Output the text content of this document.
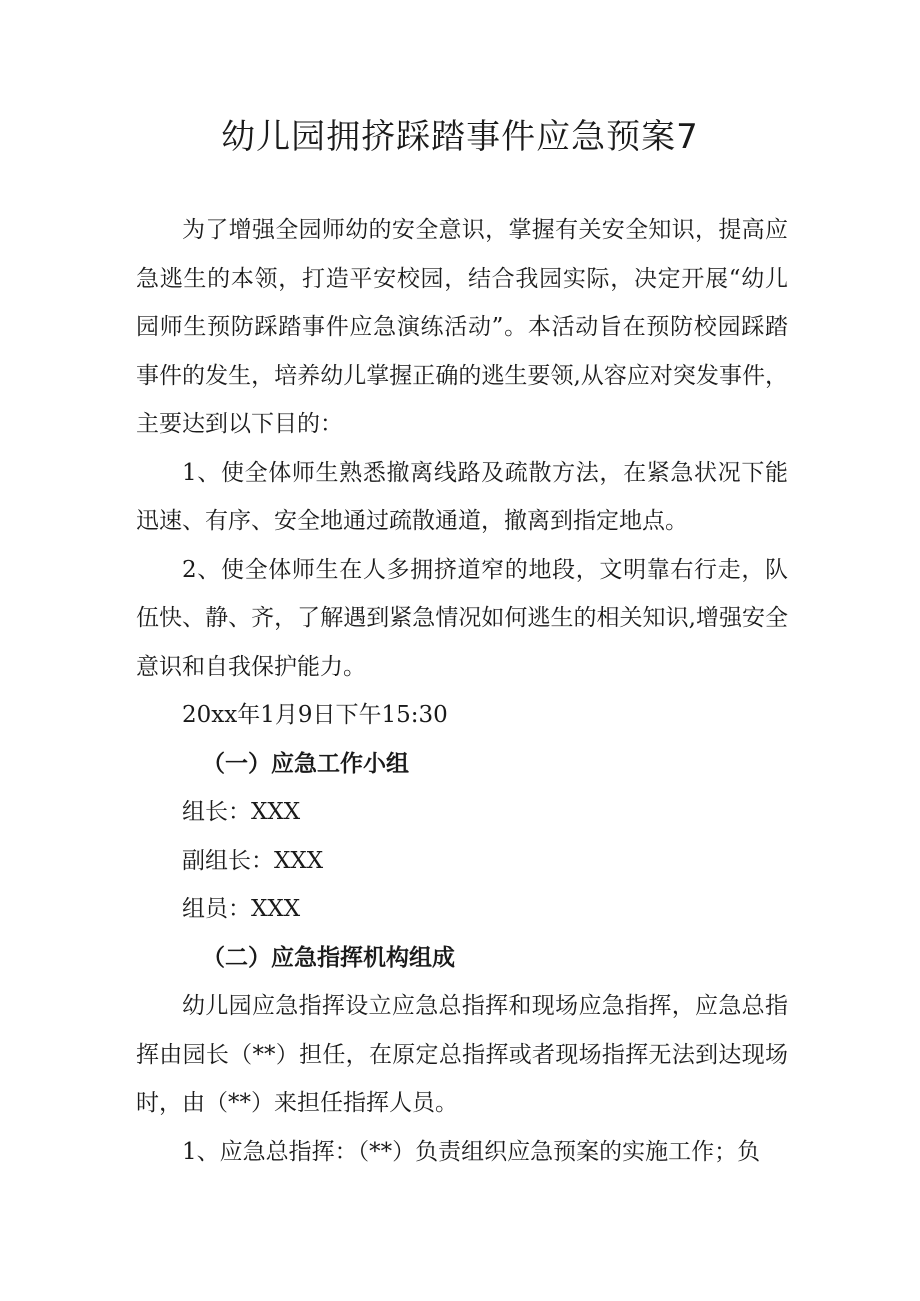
幼儿园拥挤踩踏事件应急预案7

为了增强全园师幼的安全意识，掌握有关安全知识，提高应急逃生的本领，打造平安校园，结合我园实际，决定开展“幼儿园师生预防踩踏事件应急演练活动”。本活动旨在预防校园踩踏事件的发生，培养幼儿掌握正确的逃生要领,从容应对突发事件，主要达到以下目的：

1、使全体师生熟悉撤离线路及疏散方法，在紧急状况下能迅速、有序、安全地通过疏散通道，撤离到指定地点。

2、使全体师生在人多拥挤道窄的地段，文明靠右行走，队伍快、静、齐，了解遇到紧急情况如何逃生的相关知识,增强安全意识和自我保护能力。

20xx年1月9日下午15:30

（一）应急工作小组

组长：XXX

副组长：XXX

组员：XXX

（二）应急指挥机构组成

幼儿园应急指挥设立应急总指挥和现场应急指挥，应急总指挥由园长（**）担任，在原定总指挥或者现场指挥无法到达现场时，由（**）来担任指挥人员。

1、应急总指挥：（**）负责组织应急预案的实施工作；负
